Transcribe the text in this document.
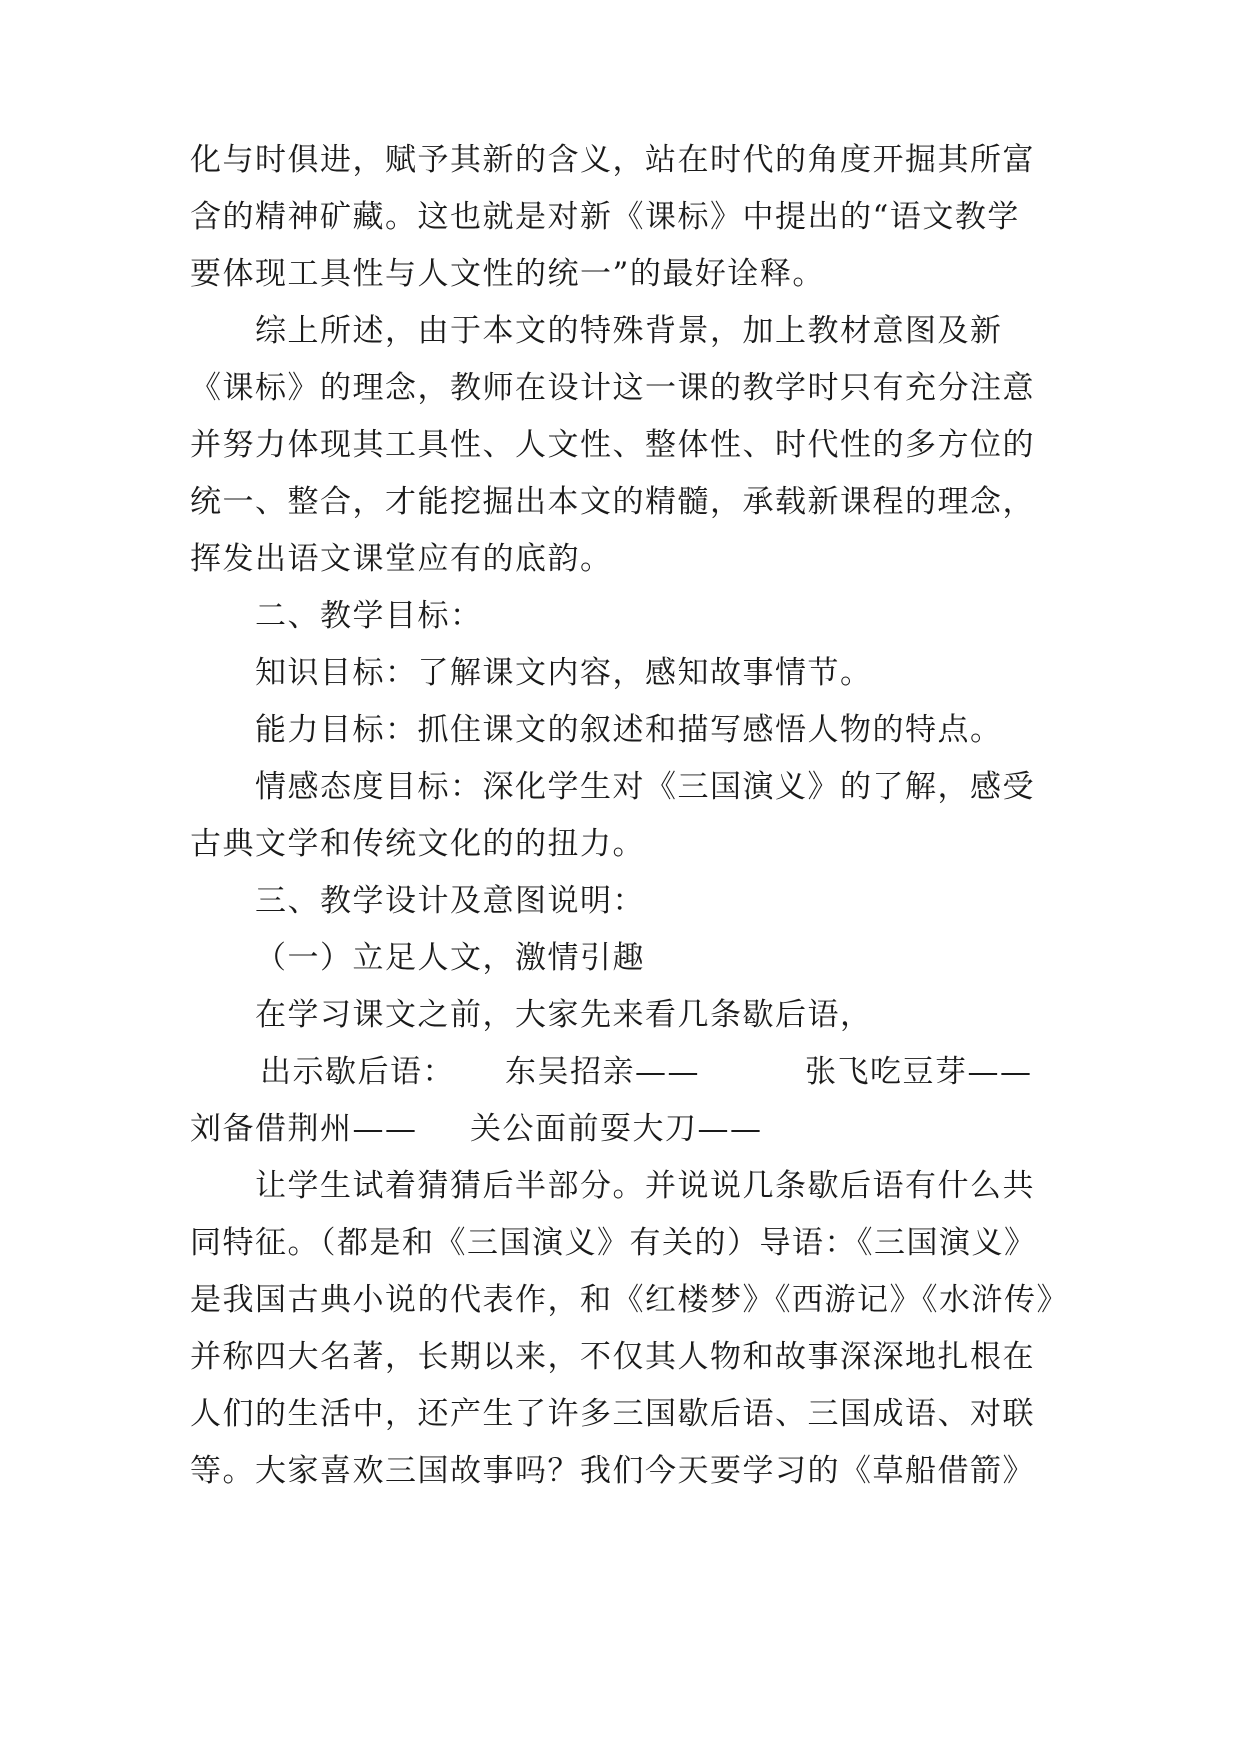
化与时俱进，赋予其新的含义，站在时代的角度开掘其所富
含的精神矿藏。这也就是对新《课标》中提出的“语文教学
要体现工具性与人文性的统一”的最好诠释。
综上所述，由于本文的特殊背景，加上教材意图及新
《课标》的理念，教师在设计这一课的教学时只有充分注意
并努力体现其工具性、人文性、整体性、时代性的多方位的
统一、整合，才能挖掘出本文的精髓，承载新课程的理念，
挥发出语文课堂应有的底韵。
二、教学目标：
知识目标：了解课文内容，感知故事情节。
能力目标：抓住课文的叙述和描写感悟人物的特点。
情感态度目标：深化学生对《三国演义》的了解，感受
古典文学和传统文化的的扭力。
三、教学设计及意图说明：
（一）立足人文，激情引趣
在学习课文之前，大家先来看几条歇后语，
出示歇后语： 东吴招亲——	张飞吃豆芽——
刘备借荆州—— 关公面前耍大刀——
让学生试着猜猜后半部分。并说说几条歇后语有什么共
同特征。（都是和《三国演义》有关的）导语：《三国演义》
是我国古典小说的代表作，和《红楼梦》《西游记》《水浒传》
并称四大名著，长期以来，不仅其人物和故事深深地扎根在
人们的生活中，还产生了许多三国歇后语、三国成语、对联
等。大家喜欢三国故事吗？我们今天要学习的《草船借箭》
